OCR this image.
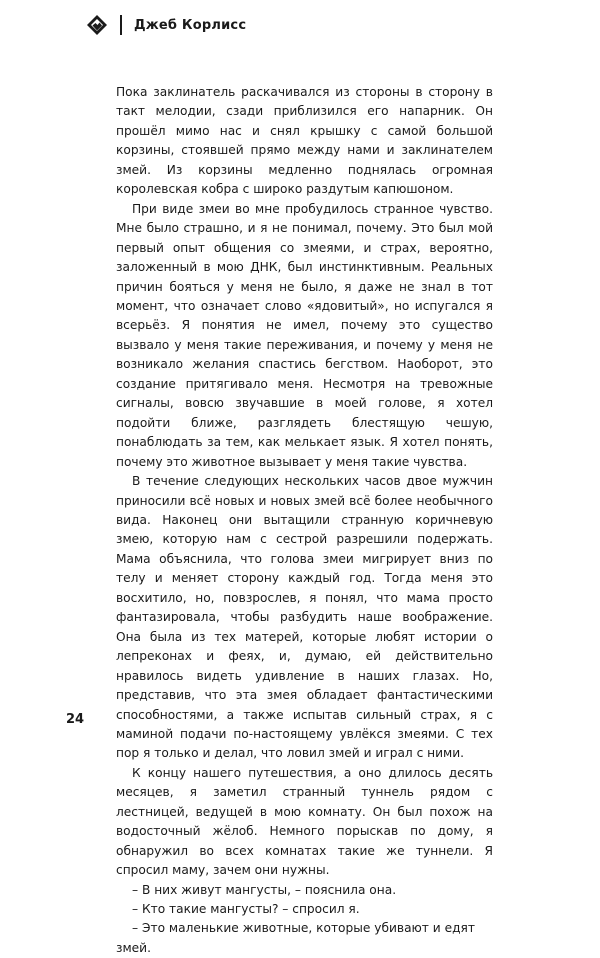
Джеб Корлисс

Пока заклинатель раскачивался из стороны в сторону в такт мелодии, сзади приблизился его напарник. Он прошёл мимо нас и снял крышку с самой большой корзины, стоявшей прямо между нами и заклинателем змей. Из корзины медленно поднялась огромная королевская кобра с широко раздутым капюшоном.

При виде змеи во мне пробудилось странное чувство. Мне было страшно, и я не понимал, почему. Это был мой первый опыт общения со змеями, и страх, вероятно, заложенный в мою ДНК, был инстинктивным. Реальных причин бояться у меня не было, я даже не знал в тот момент, что означает слово «ядовитый», но испугался я всерьёз. Я понятия не имел, почему это существо вызвало у меня такие переживания, и почему у меня не возникало желания спастись бегством. Наоборот, это создание притягивало меня. Несмотря на тревожные сигналы, вовсю звучавшие в моей голове, я хотел подойти ближе, разглядеть блестящую чешую, понаблюдать за тем, как мелькает язык. Я хотел понять, почему это животное вызывает у меня такие чувства.

В течение следующих нескольких часов двое мужчин приносили всё новых и новых змей всё более необычного вида. Наконец они вытащили странную коричневую змею, которую нам с сестрой разрешили подержать. Мама объяснила, что голова змеи мигрирует вниз по телу и меняет сторону каждый год. Тогда меня это восхитило, но, повзрослев, я понял, что мама просто фантазировала, чтобы разбудить наше воображение. Она была из тех матерей, которые любят истории о лепреконах и феях, и, думаю, ей действительно нравилось видеть удивление в наших глазах. Но, представив, что эта змея обладает фантастическими способностями, а также испытав сильный страх, я с маминой подачи по-настоящему увлёкся змеями. С тех пор я только и делал, что ловил змей и играл с ними.

К концу нашего путешествия, а оно длилось десять месяцев, я заметил странный туннель рядом с лестницей, ведущей в мою комнату. Он был похож на водосточный жёлоб. Немного порыскав по дому, я обнаружил во всех комнатах такие же туннели. Я спросил маму, зачем они нужны.

– В них живут мангусты, – пояснила она.

– Кто такие мангусты? – спросил я.

– Это маленькие животные, которые убивают и едят змей.

24
